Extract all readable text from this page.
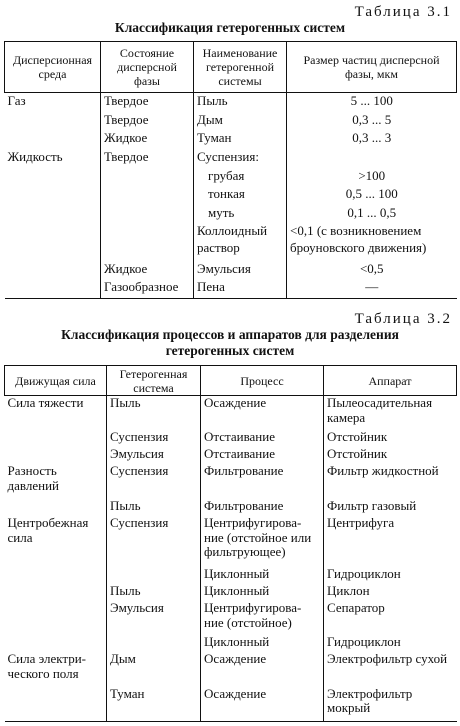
Таблица 3.1
Классификация гетерогенных систем
Дисперсионная среда	Состояние дисперсной фазы	Наименование гетерогенной системы	Размер частиц дисперсной фазы, мкм
Газ	Твердое	Пыль	5 ... 100
	Твердое	Дым	0,3 ... 5
	Жидкое	Туман	0,3 ... 3
Жидкость	Твердое	Суспензия:	
		грубая	>100
		тонкая	0,5 ... 100
		муть	0,1 ... 0,5
		Коллоидный раствор	<0,1 (с возникновением броуновского движения)
	Жидкое	Эмульсия	<0,5
	Газообразное	Пена	—
Таблица 3.2
Классификация процессов и аппаратов для разделения гетерогенных систем
Движущая сила	Гетерогенная система	Процесс	Аппарат
Сила тяжести	Пыль	Осаждение	Пылеосадительная камера
	Суспензия	Отстаивание	Отстойник
	Эмульсия	Отстаивание	Отстойник
Разность давлений	Суспензия	Фильтрование	Фильтр жидкостной
	Пыль	Фильтрование	Фильтр газовый
Центробежная сила	Суспензия	Центрифугирова-ние (отстойное или фильтрующее)	Центрифуга
		Циклонный	Гидроциклон
	Пыль	Циклонный	Циклон
	Эмульсия	Центрифугирова-ние (отстойное)	Сепаратор
		Циклонный	Гидроциклон
Сила электри-ческого поля	Дым	Осаждение	Электрофильтр сухой
	Туман	Осаждение	Электрофильтр мокрый
